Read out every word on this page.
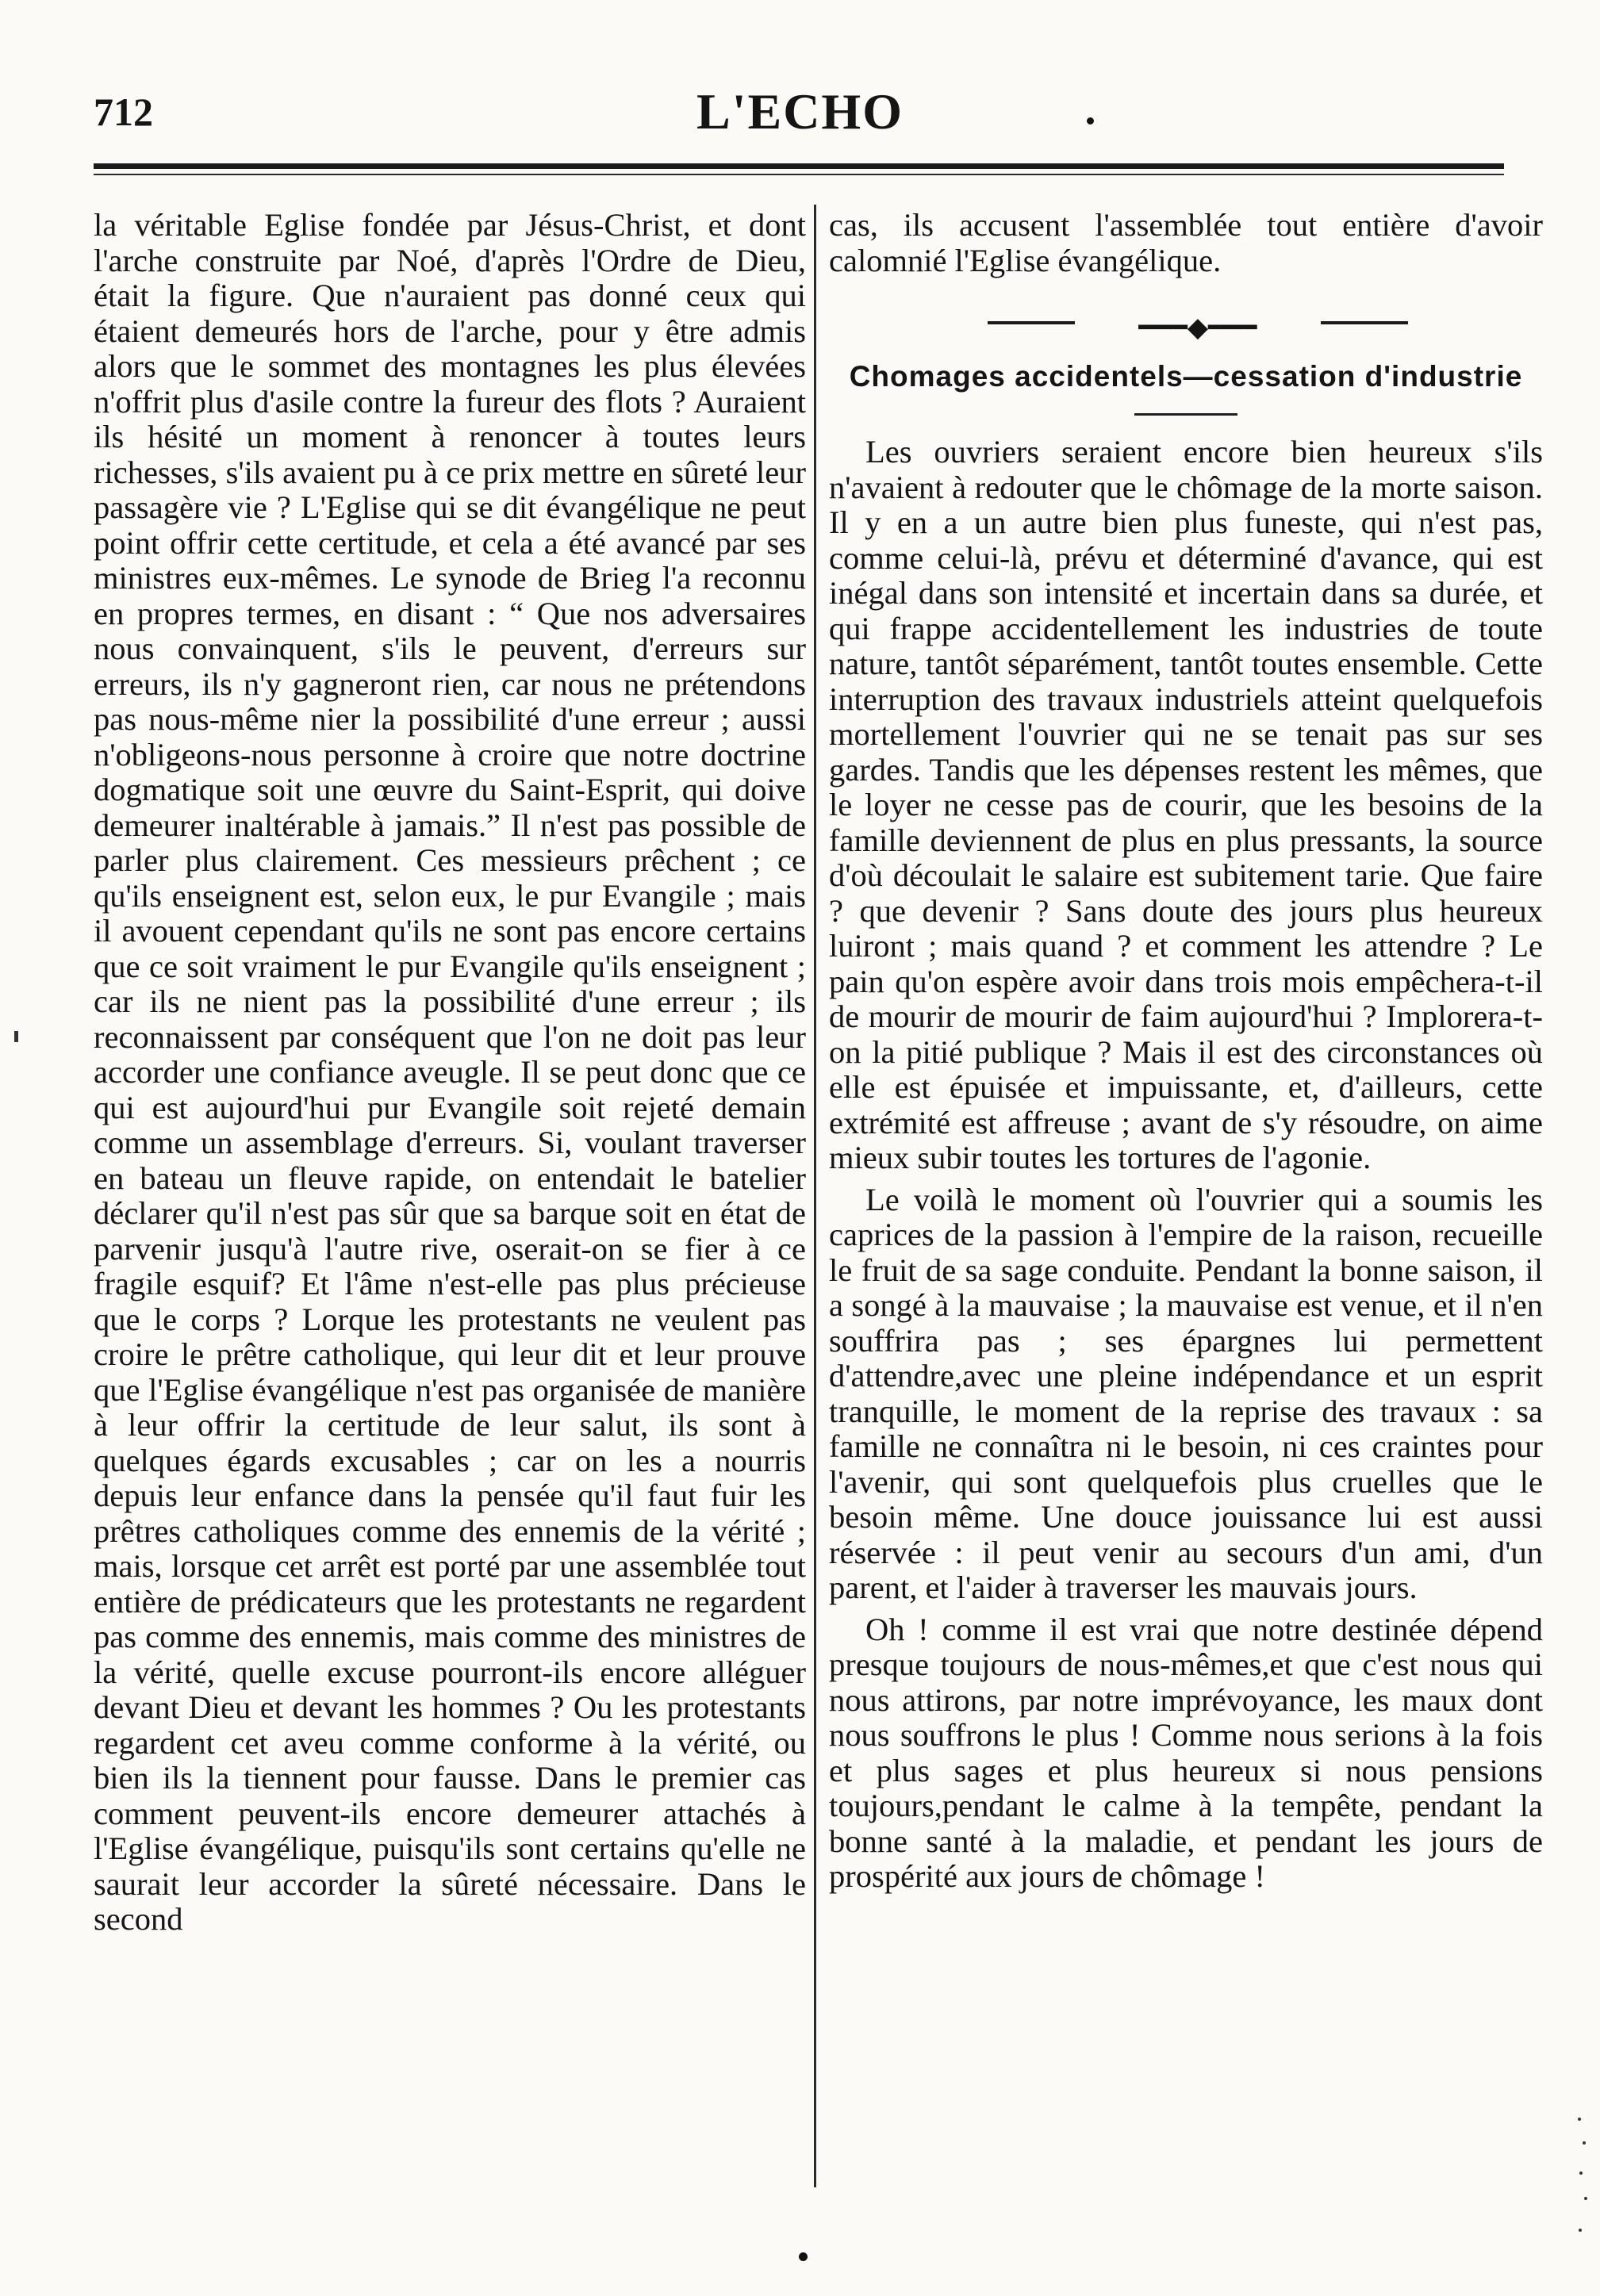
712	L'ECHO

la véritable Eglise fondée par Jésus-Christ, et dont l'arche construite par Noé, d'après l'Ordre de Dieu, était la figure. Que n'auraient pas donné ceux qui étaient demeurés hors de l'arche, pour y être admis alors que le sommet des montagnes les plus élevées n'offrit plus d'asile contre la fureur des flots ? Auraient ils hésité un moment à renoncer à toutes leurs richesses, s'ils avaient pu à ce prix mettre en sûreté leur passagère vie ? L'Eglise qui se dit évangélique ne peut point offrir cette certitude, et cela a été avancé par ses ministres eux-mêmes. Le synode de Brieg l'a reconnu en propres termes, en disant : “ Que nos adversaires nous convainquent, s'ils le peuvent, d'erreurs sur erreurs, ils n'y gagneront rien, car nous ne prétendons pas nous-même nier la possibilité d'une erreur ; aussi n'obligeons-nous personne à croire que notre doctrine dogmatique soit une œuvre du Saint-Esprit, qui doive demeurer inaltérable à jamais.” Il n'est pas possible de parler plus clairement. Ces messieurs prêchent ; ce qu'ils enseignent est, selon eux, le pur Evangile ; mais il avouent cependant qu'ils ne sont pas encore certains que ce soit vraiment le pur Evangile qu'ils enseignent ; car ils ne nient pas la possibilité d'une erreur ; ils reconnaissent par conséquent que l'on ne doit pas leur accorder une confiance aveugle. Il se peut donc que ce qui est aujourd'hui pur Evangile soit rejeté demain comme un assemblage d'erreurs. Si, voulant traverser en bateau un fleuve rapide, on entendait le batelier déclarer qu'il n'est pas sûr que sa barque soit en état de parvenir jusqu'à l'autre rive, oserait-on se fier à ce fragile esquif? Et l'âme n'est-elle pas plus précieuse que le corps ? Lorque les protestants ne veulent pas croire le prêtre catholique, qui leur dit et leur prouve que l'Eglise évangélique n'est pas organisée de manière à leur offrir la certitude de leur salut, ils sont à quelques égards excusables ; car on les a nourris depuis leur enfance dans la pensée qu'il faut fuir les prêtres catholiques comme des ennemis de la vérité ; mais, lorsque cet arrêt est porté par une assemblée tout entière de prédicateurs que les protestants ne regardent pas comme des ennemis, mais comme des ministres de la vérité, quelle excuse pourront-ils encore alléguer devant Dieu et devant les hommes ? Ou les protestants regardent cet aveu comme conforme à la vérité, ou bien ils la tiennent pour fausse. Dans le premier cas comment peuvent-ils encore demeurer attachés à l'Eglise évangélique, puisqu'ils sont certains qu'elle ne saurait leur accorder la sûreté nécessaire. Dans le second

cas, ils accusent l'assemblée tout entière d'avoir calomnié l'Eglise évangélique.

━━━◆━━━
Chomages accidentels—cessation d'industrie

Les ouvriers seraient encore bien heureux s'ils n'avaient à redouter que le chômage de la morte saison. Il y en a un autre bien plus funeste, qui n'est pas, comme celui-là, prévu et déterminé d'avance, qui est inégal dans son intensité et incertain dans sa durée, et qui frappe accidentellement les industries de toute nature, tantôt séparément, tantôt toutes ensemble. Cette interruption des travaux industriels atteint quelquefois mortellement l'ouvrier qui ne se tenait pas sur ses gardes. Tandis que les dépenses restent les mêmes, que le loyer ne cesse pas de courir, que les besoins de la famille deviennent de plus en plus pressants, la source d'où découlait le salaire est subitement tarie. Que faire ? que devenir ? Sans doute des jours plus heureux luiront ; mais quand ? et comment les attendre ? Le pain qu'on espère avoir dans trois mois empêchera-t-il de mourir de mourir de faim aujourd'hui ? Implorera-t-on la pitié publique ? Mais il est des circonstances où elle est épuisée et impuissante, et, d'ailleurs, cette extrémité est affreuse ; avant de s'y résoudre, on aime mieux subir toutes les tortures de l'agonie.

Le voilà le moment où l'ouvrier qui a soumis les caprices de la passion à l'empire de la raison, recueille le fruit de sa sage conduite. Pendant la bonne saison, il a songé à la mauvaise ; la mauvaise est venue, et il n'en souffrira pas ; ses épargnes lui permettent d'attendre,avec une pleine indépendance et un esprit tranquille, le moment de la reprise des travaux : sa famille ne connaîtra ni le besoin, ni ces craintes pour l'avenir, qui sont quelquefois plus cruelles que le besoin même. Une douce jouissance lui est aussi réservée : il peut venir au secours d'un ami, d'un parent, et l'aider à traverser les mauvais jours.

Oh ! comme il est vrai que notre destinée dépend presque toujours de nous-mêmes,et que c'est nous qui nous attirons, par notre imprévoyance, les maux dont nous souffrons le plus ! Comme nous serions à la fois et plus sages et plus heureux si nous pensions toujours,pendant le calme à la tempête, pendant la bonne santé à la maladie, et pendant les jours de prospérité aux jours de chômage !
